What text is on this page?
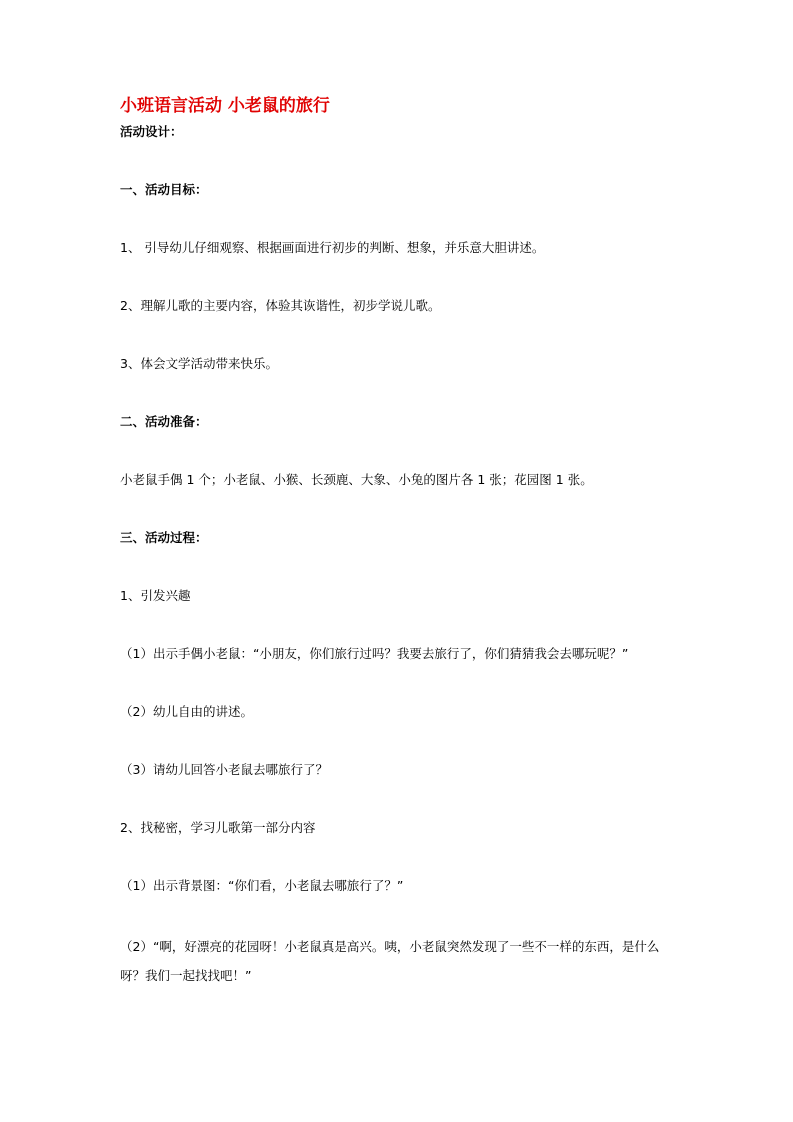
小班语言活动 小老鼠的旅行
活动设计：
一、活动目标：
1、 引导幼儿仔细观察、根据画面进行初步的判断、想象，并乐意大胆讲述。
2、理解儿歌的主要内容，体验其诙谐性，初步学说儿歌。
3、体会文学活动带来快乐。
二、活动准备：
小老鼠手偶 1 个；小老鼠、小猴、长颈鹿、大象、小兔的图片各 1 张；花园图 1 张。
三、活动过程：
1、引发兴趣
（1）出示手偶小老鼠：“小朋友，你们旅行过吗？我要去旅行了，你们猜猜我会去哪玩呢？”
（2）幼儿自由的讲述。
（3）请幼儿回答小老鼠去哪旅行了？
2、找秘密，学习儿歌第一部分内容
（1）出示背景图：“你们看，小老鼠去哪旅行了？”
（2）“啊，好漂亮的花园呀！小老鼠真是高兴。咦，小老鼠突然发现了一些不一样的东西，是什么呀？我们一起找找吧！”
